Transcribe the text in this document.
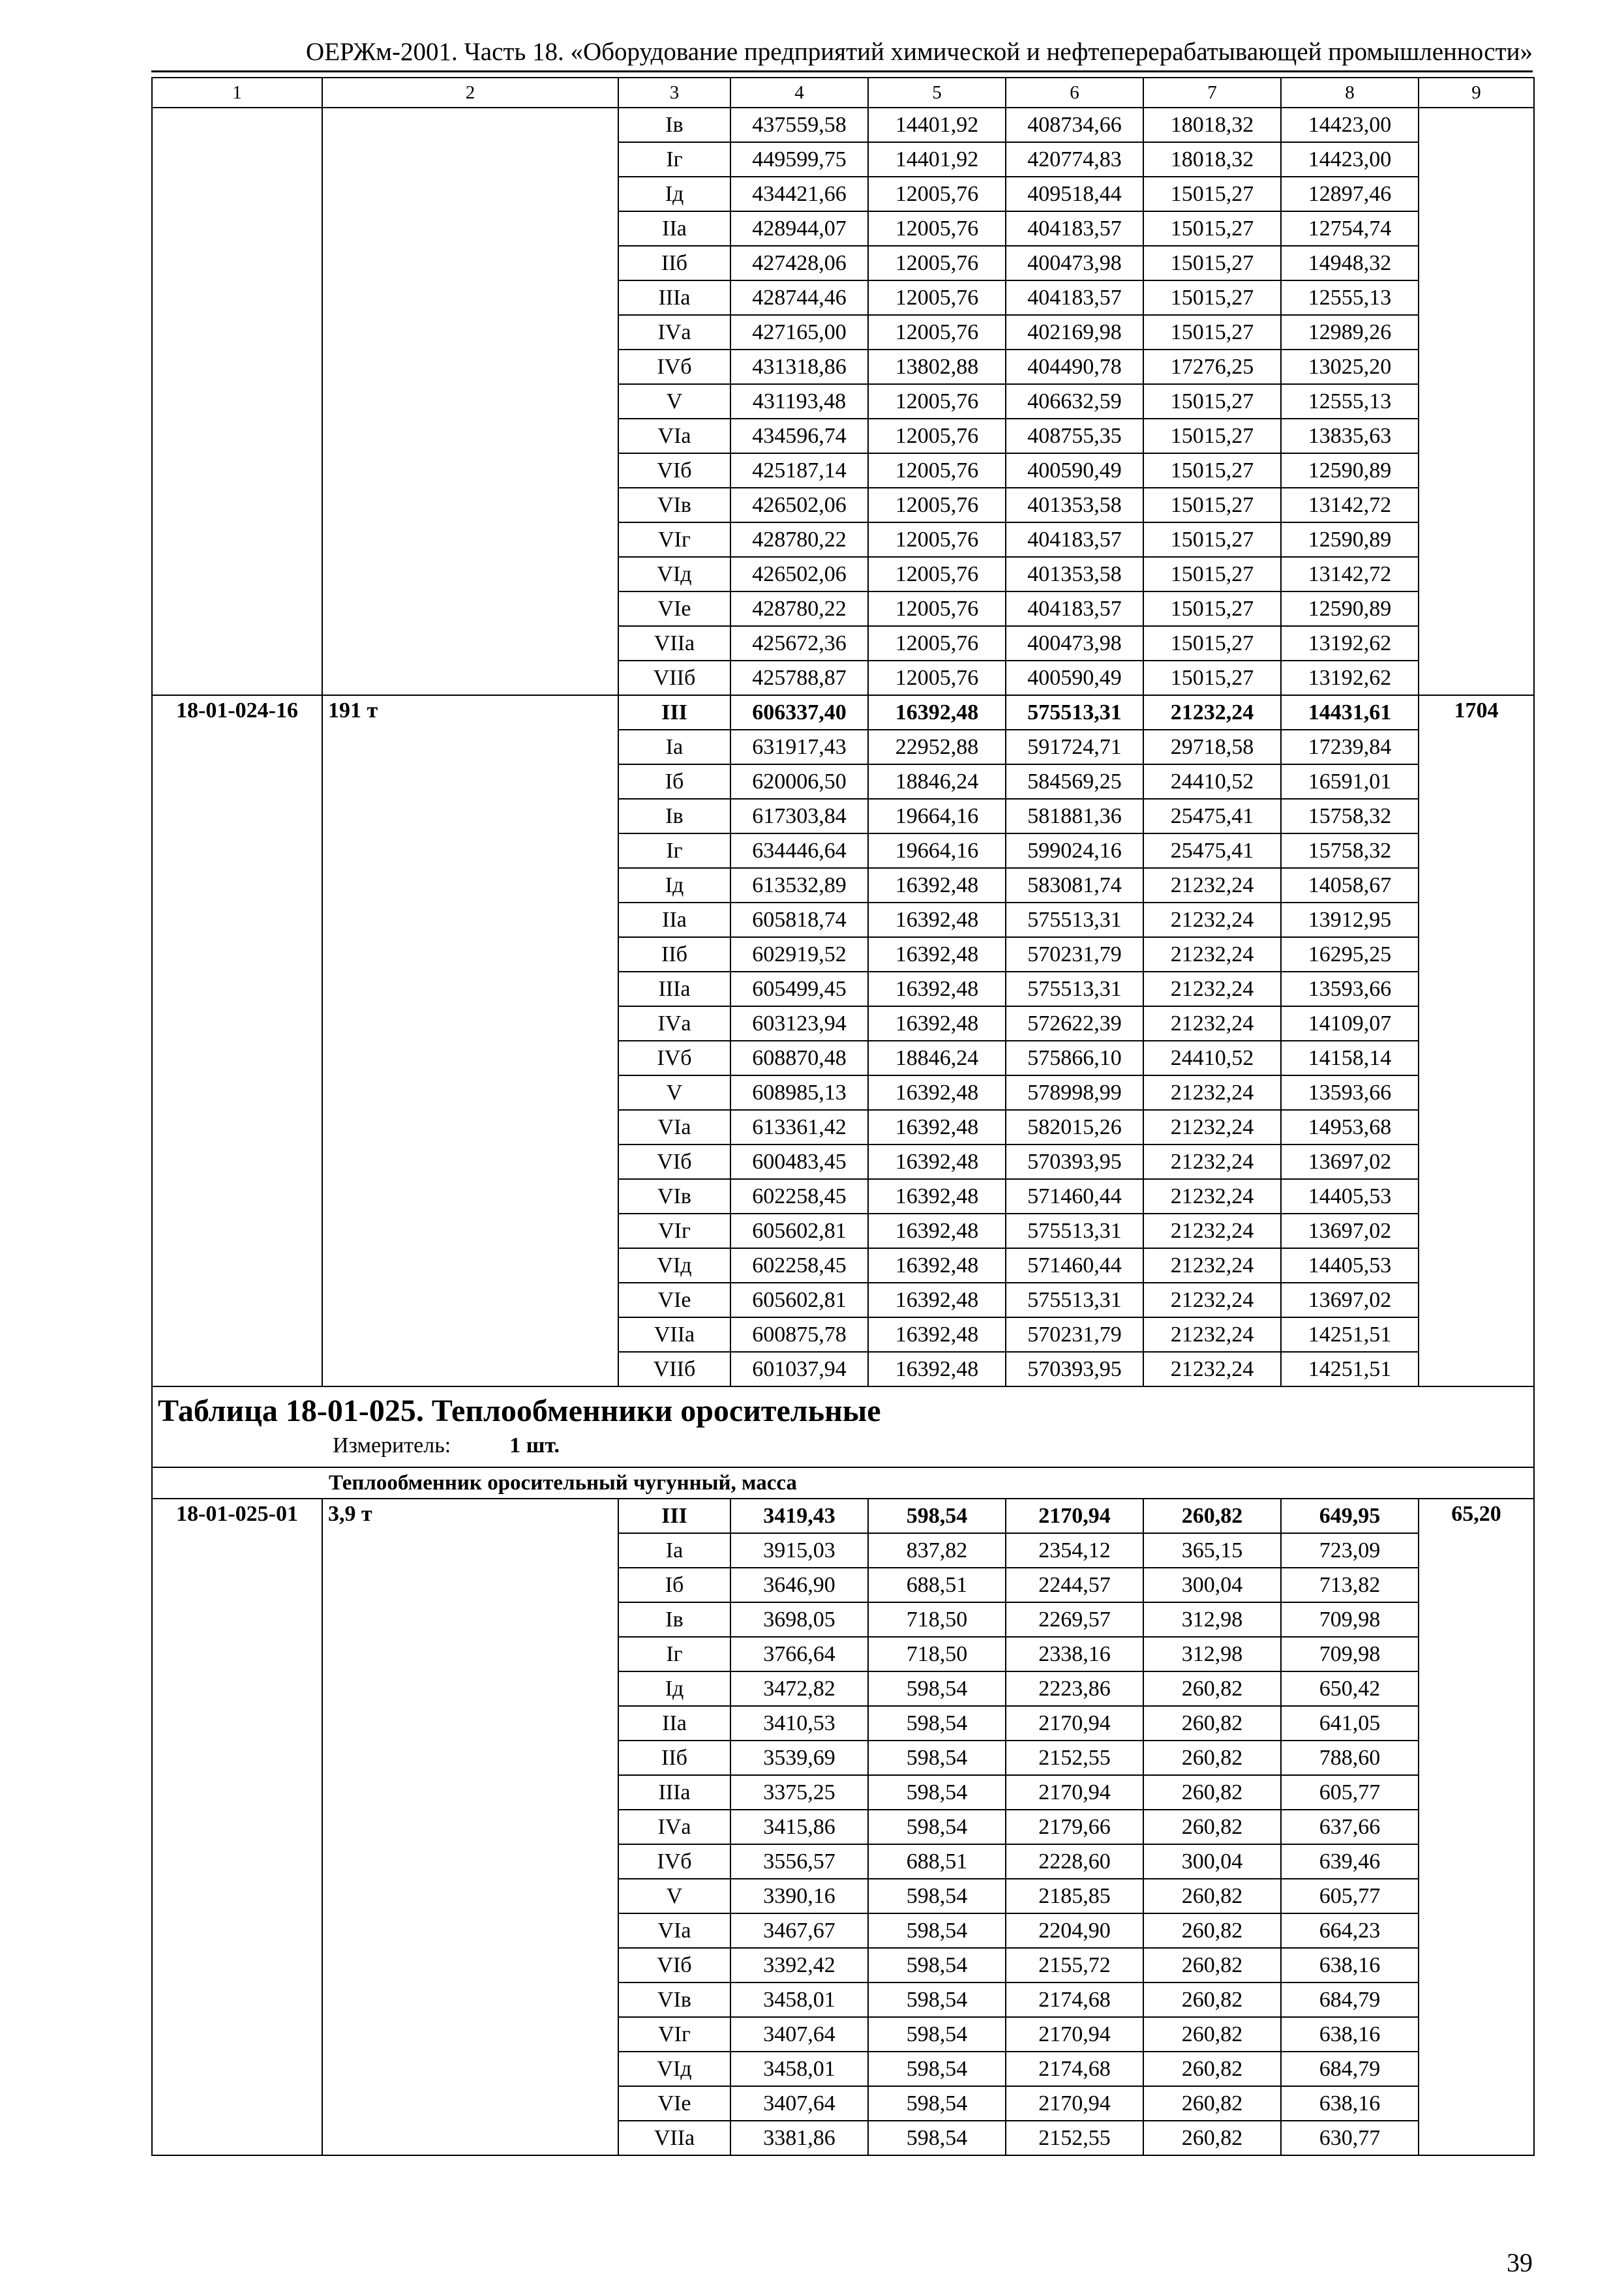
ОЕРЖм-2001. Часть 18. «Оборудование предприятий химической и нефтеперерабатывающей промышленности»
1	2	3	4	5	6	7	8	9
		Iв	437559,58	14401,92	408734,66	18018,32	14423,00	
		Iг	449599,75	14401,92	420774,83	18018,32	14423,00	
		Iд	434421,66	12005,76	409518,44	15015,27	12897,46	
		IIа	428944,07	12005,76	404183,57	15015,27	12754,74	
		IIб	427428,06	12005,76	400473,98	15015,27	14948,32	
		IIIа	428744,46	12005,76	404183,57	15015,27	12555,13	
		IVа	427165,00	12005,76	402169,98	15015,27	12989,26	
		IVб	431318,86	13802,88	404490,78	17276,25	13025,20	
		V	431193,48	12005,76	406632,59	15015,27	12555,13	
		VIа	434596,74	12005,76	408755,35	15015,27	13835,63	
		VIб	425187,14	12005,76	400590,49	15015,27	12590,89	
		VIв	426502,06	12005,76	401353,58	15015,27	13142,72	
		VIг	428780,22	12005,76	404183,57	15015,27	12590,89	
		VIд	426502,06	12005,76	401353,58	15015,27	13142,72	
		VIе	428780,22	12005,76	404183,57	15015,27	12590,89	
		VIIа	425672,36	12005,76	400473,98	15015,27	13192,62	
		VIIб	425788,87	12005,76	400590,49	15015,27	13192,62	
18-01-024-16	191 т	III	606337,40	16392,48	575513,31	21232,24	14431,61	1704
		Iа	631917,43	22952,88	591724,71	29718,58	17239,84	
		Iб	620006,50	18846,24	584569,25	24410,52	16591,01	
		Iв	617303,84	19664,16	581881,36	25475,41	15758,32	
		Iг	634446,64	19664,16	599024,16	25475,41	15758,32	
		Iд	613532,89	16392,48	583081,74	21232,24	14058,67	
		IIа	605818,74	16392,48	575513,31	21232,24	13912,95	
		IIб	602919,52	16392,48	570231,79	21232,24	16295,25	
		IIIа	605499,45	16392,48	575513,31	21232,24	13593,66	
		IVа	603123,94	16392,48	572622,39	21232,24	14109,07	
		IVб	608870,48	18846,24	575866,10	24410,52	14158,14	
		V	608985,13	16392,48	578998,99	21232,24	13593,66	
		VIа	613361,42	16392,48	582015,26	21232,24	14953,68	
		VIб	600483,45	16392,48	570393,95	21232,24	13697,02	
		VIв	602258,45	16392,48	571460,44	21232,24	14405,53	
		VIг	605602,81	16392,48	575513,31	21232,24	13697,02	
		VIд	602258,45	16392,48	571460,44	21232,24	14405,53	
		VIе	605602,81	16392,48	575513,31	21232,24	13697,02	
		VIIа	600875,78	16392,48	570231,79	21232,24	14251,51	
		VIIб	601037,94	16392,48	570393,95	21232,24	14251,51	

Таблица 18-01-025. Теплообменники оросительные
Измеритель: 1 шт.								

Теплообменник оросительный чугунный, масса								
18-01-025-01	3,9 т	III	3419,43	598,54	2170,94	260,82	649,95	65,20
		Iа	3915,03	837,82	2354,12	365,15	723,09	
		Iб	3646,90	688,51	2244,57	300,04	713,82	
		Iв	3698,05	718,50	2269,57	312,98	709,98	
		Iг	3766,64	718,50	2338,16	312,98	709,98	
		Iд	3472,82	598,54	2223,86	260,82	650,42	
		IIа	3410,53	598,54	2170,94	260,82	641,05	
		IIб	3539,69	598,54	2152,55	260,82	788,60	
		IIIа	3375,25	598,54	2170,94	260,82	605,77	
		IVа	3415,86	598,54	2179,66	260,82	637,66	
		IVб	3556,57	688,51	2228,60	300,04	639,46	
		V	3390,16	598,54	2185,85	260,82	605,77	
		VIа	3467,67	598,54	2204,90	260,82	664,23	
		VIб	3392,42	598,54	2155,72	260,82	638,16	
		VIв	3458,01	598,54	2174,68	260,82	684,79	
		VIг	3407,64	598,54	2170,94	260,82	638,16	
		VIд	3458,01	598,54	2174,68	260,82	684,79	
		VIе	3407,64	598,54	2170,94	260,82	638,16	
		VIIа	3381,86	598,54	2152,55	260,82	630,77	
39
